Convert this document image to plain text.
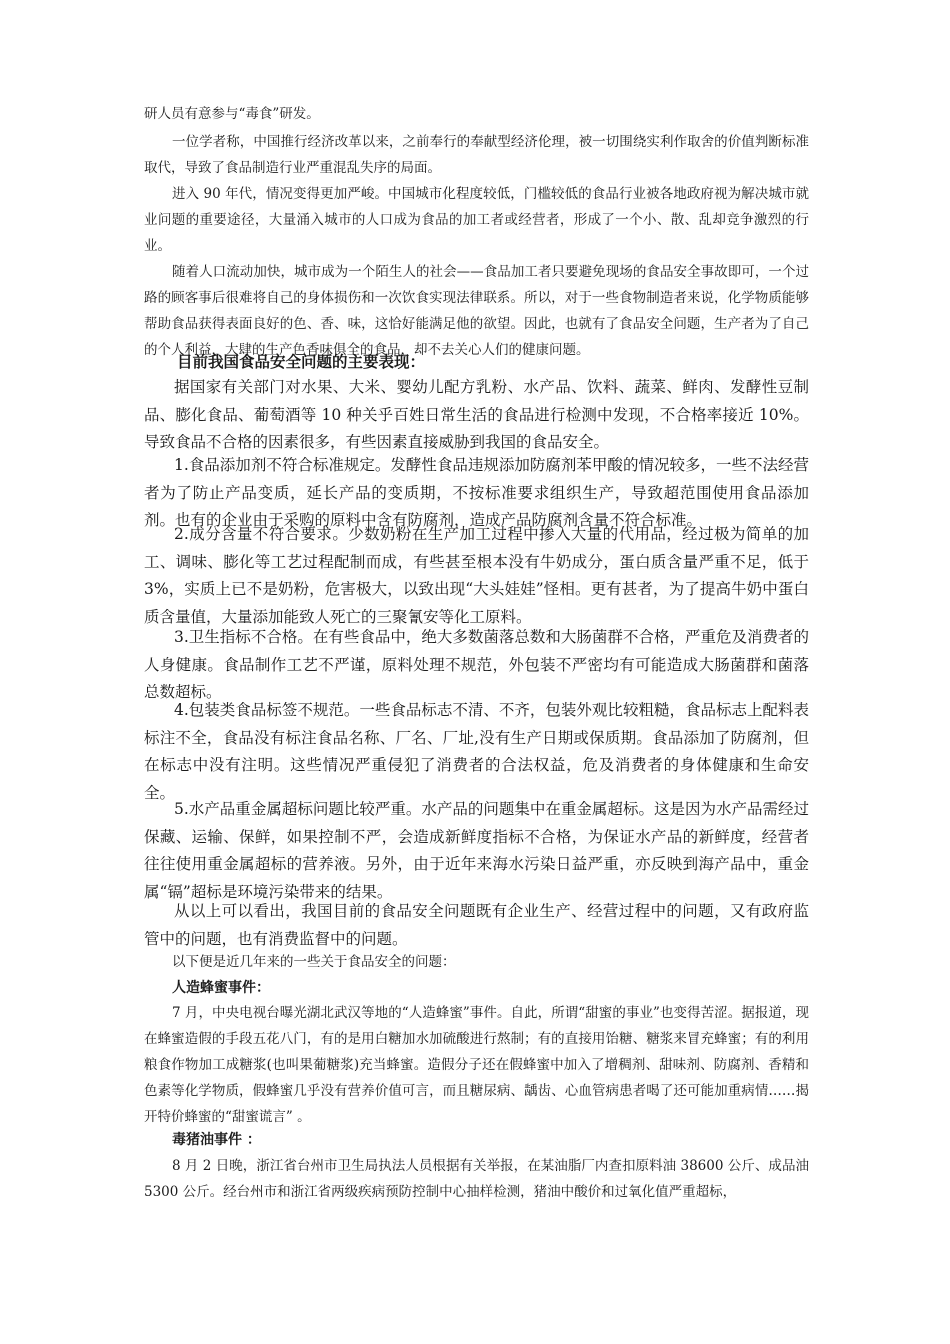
研人员有意参与“毒食”研发。

一位学者称，中国推行经济改革以来，之前奉行的奉献型经济伦理，被一切围绕实利作取舍的价值判断标准取代，导致了食品制造行业严重混乱失序的局面。

进入 90 年代，情况变得更加严峻。中国城市化程度较低，门槛较低的食品行业被各地政府视为解决城市就业问题的重要途径，大量涌入城市的人口成为食品的加工者或经营者，形成了一个小、散、乱却竞争激烈的行业。

随着人口流动加快，城市成为一个陌生人的社会——食品加工者只要避免现场的食品安全事故即可，一个过路的顾客事后很难将自己的身体损伤和一次饮食实现法律联系。所以，对于一些食物制造者来说，化学物质能够帮助食品获得表面良好的色、香、味，这恰好能满足他的欲望。因此，也就有了食品安全问题，生产者为了自己的个人利益，大肆的生产色香味俱全的食品，却不去关心人们的健康问题。

目前我国食品安全问题的主要表现：

据国家有关部门对水果、大米、婴幼儿配方乳粉、水产品、饮料、蔬菜、鲜肉、发酵性豆制品、膨化食品、葡萄酒等 10 种关乎百姓日常生活的食品进行检测中发现，不合格率接近 10%。导致食品不合格的因素很多，有些因素直接威胁到我国的食品安全。

1.食品添加剂不符合标准规定。发酵性食品违规添加防腐剂苯甲酸的情况较多，一些不法经营者为了防止产品变质，延长产品的变质期，不按标准要求组织生产，导致超范围使用食品添加剂。也有的企业由于采购的原料中含有防腐剂，造成产品防腐剂含量不符合标准。

2.成分含量不符合要求。少数奶粉在生产加工过程中掺入大量的代用品，经过极为简单的加工、调味、膨化等工艺过程配制而成，有些甚至根本没有牛奶成分，蛋白质含量严重不足，低于 3%，实质上已不是奶粉，危害极大，以致出现“大头娃娃”怪相。更有甚者，为了提高牛奶中蛋白质含量值，大量添加能致人死亡的三聚氰安等化工原料。

3.卫生指标不合格。在有些食品中，绝大多数菌落总数和大肠菌群不合格，严重危及消费者的人身健康。食品制作工艺不严谨，原料处理不规范，外包装不严密均有可能造成大肠菌群和菌落总数超标。

4.包装类食品标签不规范。一些食品标志不清、不齐，包装外观比较粗糙，食品标志上配料表标注不全，食品没有标注食品名称、厂名、厂址,没有生产日期或保质期。食品添加了防腐剂，但在标志中没有注明。这些情况严重侵犯了消费者的合法权益，危及消费者的身体健康和生命安全。

5.水产品重金属超标问题比较严重。水产品的问题集中在重金属超标。这是因为水产品需经过保藏、运输、保鲜，如果控制不严，会造成新鲜度指标不合格，为保证水产品的新鲜度，经营者往往使用重金属超标的营养液。另外，由于近年来海水污染日益严重，亦反映到海产品中，重金属“镉”超标是环境污染带来的结果。

从以上可以看出，我国目前的食品安全问题既有企业生产、经营过程中的问题，又有政府监管中的问题，也有消费监督中的问题。

以下便是近几年来的一些关于食品安全的问题：

人造蜂蜜事件：

7 月，中央电视台曝光湖北武汉等地的“人造蜂蜜”事件。自此，所谓“甜蜜的事业”也变得苦涩。据报道，现在蜂蜜造假的手段五花八门，有的是用白糖加水加硫酸进行熬制；有的直接用饴糖、糖浆来冒充蜂蜜；有的利用粮食作物加工成糖浆(也叫果葡糖浆)充当蜂蜜。造假分子还在假蜂蜜中加入了增稠剂、甜味剂、防腐剂、香精和色素等化学物质，假蜂蜜几乎没有营养价值可言，而且糖尿病、龋齿、心血管病患者喝了还可能加重病情……揭开特价蜂蜜的“甜蜜谎言” 。

毒猪油事件 ：

8 月 2 日晚，浙江省台州市卫生局执法人员根据有关举报，在某油脂厂内查扣原料油 38600 公斤、成品油 5300 公斤。经台州市和浙江省两级疾病预防控制中心抽样检测，猪油中酸价和过氧化值严重超标，
